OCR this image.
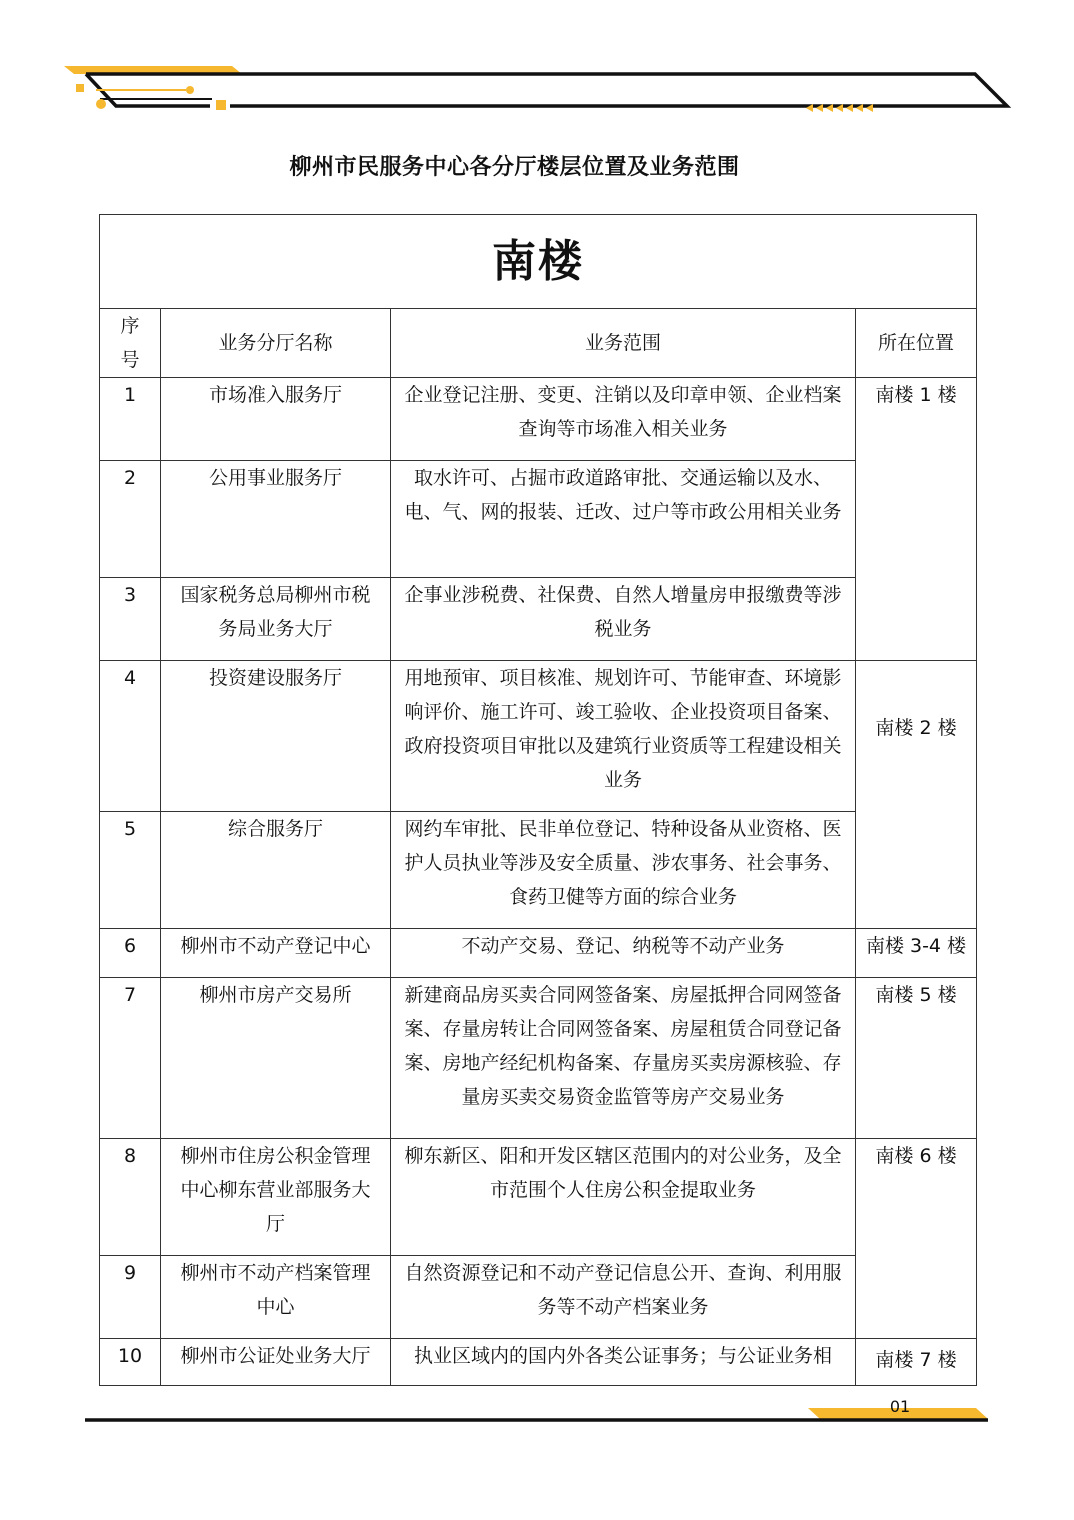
柳州市民服务中心各分厅楼层位置及业务范围
南楼			
序号	业务分厅名称	业务范围	所在位置
1	市场准入服务厅	企业登记注册、变更、注销以及印章申领、企业档案查询等市场准入相关业务	南楼 1 楼
2	公用事业服务厅	取水许可、占掘市政道路审批、交通运输以及水、电、气、网的报装、迁改、过户等市政公用相关业务	
3	国家税务总局柳州市税务局业务大厅	企事业涉税费、社保费、自然人增量房申报缴费等涉税业务	
4	投资建设服务厅	用地预审、项目核准、规划许可、节能审查、环境影响评价、施工许可、竣工验收、企业投资项目备案、政府投资项目审批以及建筑行业资质等工程建设相关业务	南楼 2 楼
5	综合服务厅	网约车审批、民非单位登记、特种设备从业资格、医护人员执业等涉及安全质量、涉农事务、社会事务、食药卫健等方面的综合业务	
6	柳州市不动产登记中心	不动产交易、登记、纳税等不动产业务	南楼 3-4 楼
7	柳州市房产交易所	新建商品房买卖合同网签备案、房屋抵押合同网签备案、存量房转让合同网签备案、房屋租赁合同登记备案、房地产经纪机构备案、存量房买卖房源核验、存量房买卖交易资金监管等房产交易业务	南楼 5 楼
8	柳州市住房公积金管理中心柳东营业部服务大厅	柳东新区、阳和开发区辖区范围内的对公业务，及全市范围个人住房公积金提取业务	南楼 6 楼
9	柳州市不动产档案管理中心	自然资源登记和不动产登记信息公开、查询、利用服务等不动产档案业务	
10	柳州市公证处业务大厅	执业区域内的国内外各类公证事务；与公证业务相	南楼 7 楼
01
